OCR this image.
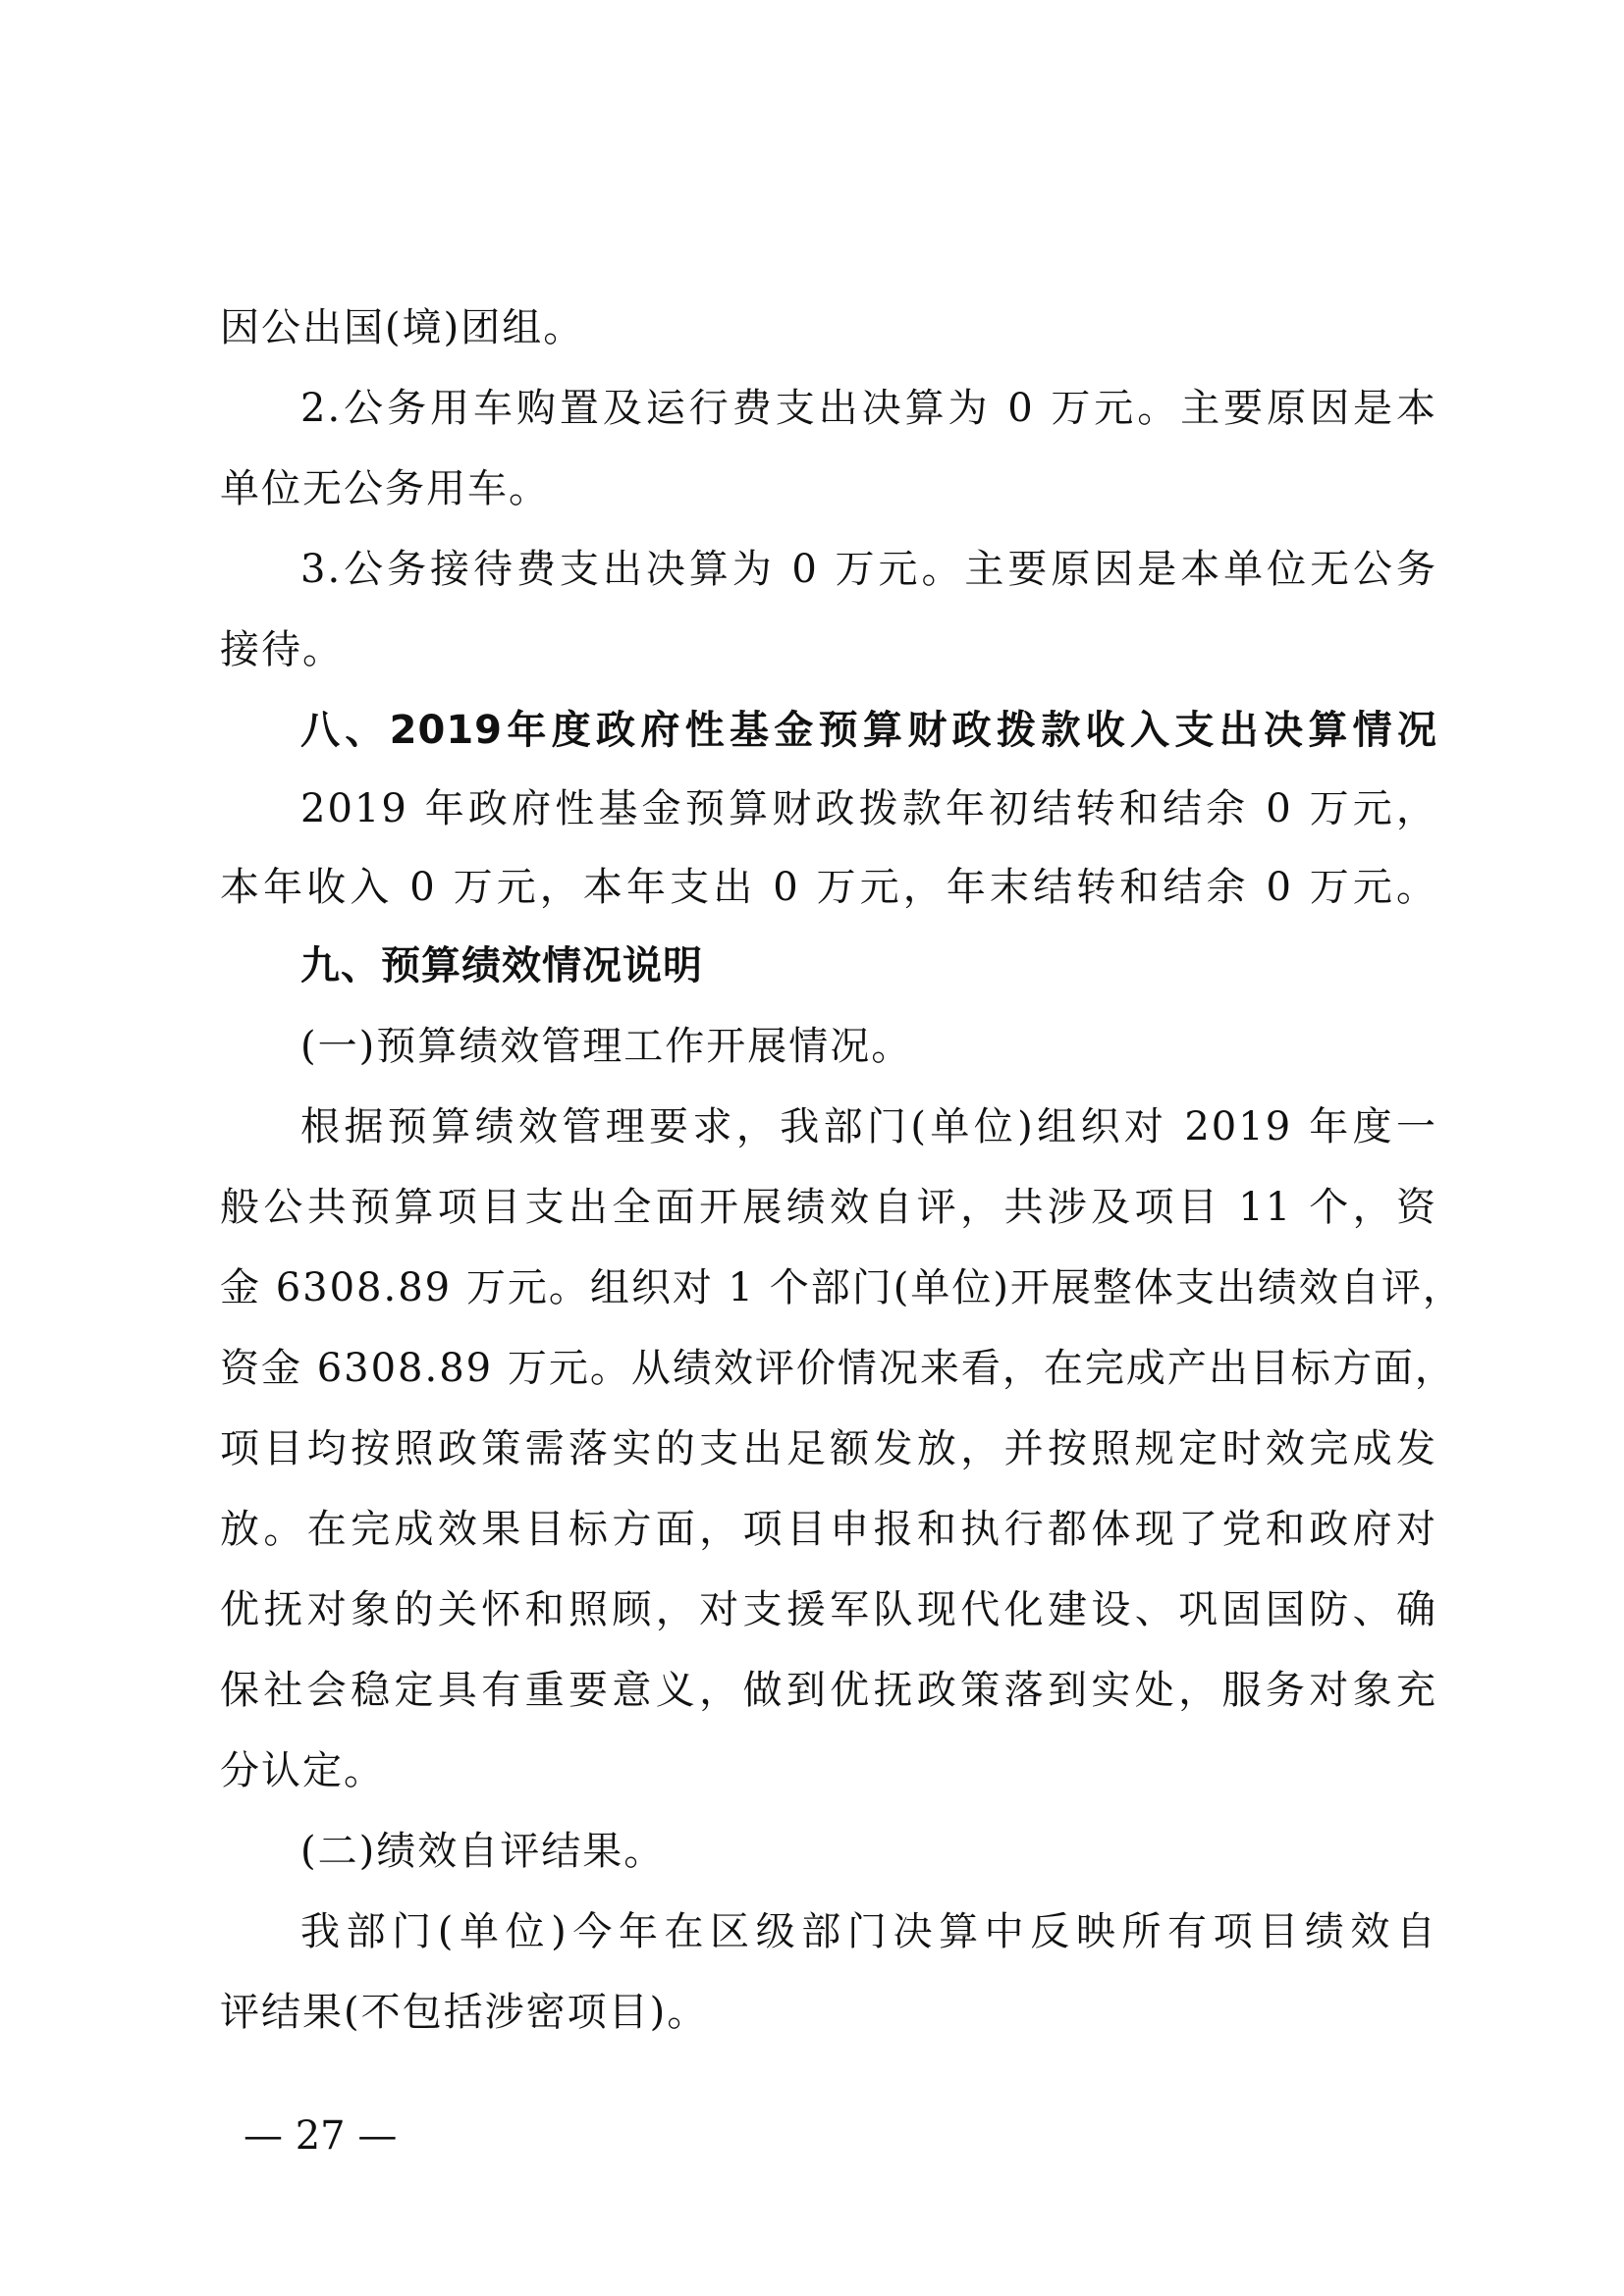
因公出国(境)团组。
2.公务用车购置及运行费支出决算为 0 万元。主要原因是本
单位无公务用车。
3.公务接待费支出决算为 0 万元。主要原因是本单位无公务
接待。
八、2019年度政府性基金预算财政拨款收入支出决算情况
2019 年政府性基金预算财政拨款年初结转和结余 0 万元，
本年收入 0 万元，本年支出 0 万元，年末结转和结余 0 万元。
九、预算绩效情况说明
(一)预算绩效管理工作开展情况。
根据预算绩效管理要求，我部门(单位)组织对 2019 年度一
般公共预算项目支出全面开展绩效自评，共涉及项目 11 个，资
金 6308.89 万元。组织对 1 个部门(单位)开展整体支出绩效自评，
资金 6308.89 万元。从绩效评价情况来看，在完成产出目标方面，
项目均按照政策需落实的支出足额发放，并按照规定时效完成发
放。在完成效果目标方面，项目申报和执行都体现了党和政府对
优抚对象的关怀和照顾，对支援军队现代化建设、巩固国防、确
保社会稳定具有重要意义，做到优抚政策落到实处，服务对象充
分认定。
(二)绩效自评结果。
我部门(单位)今年在区级部门决算中反映所有项目绩效自
评结果(不包括涉密项目)。
— 27 —
